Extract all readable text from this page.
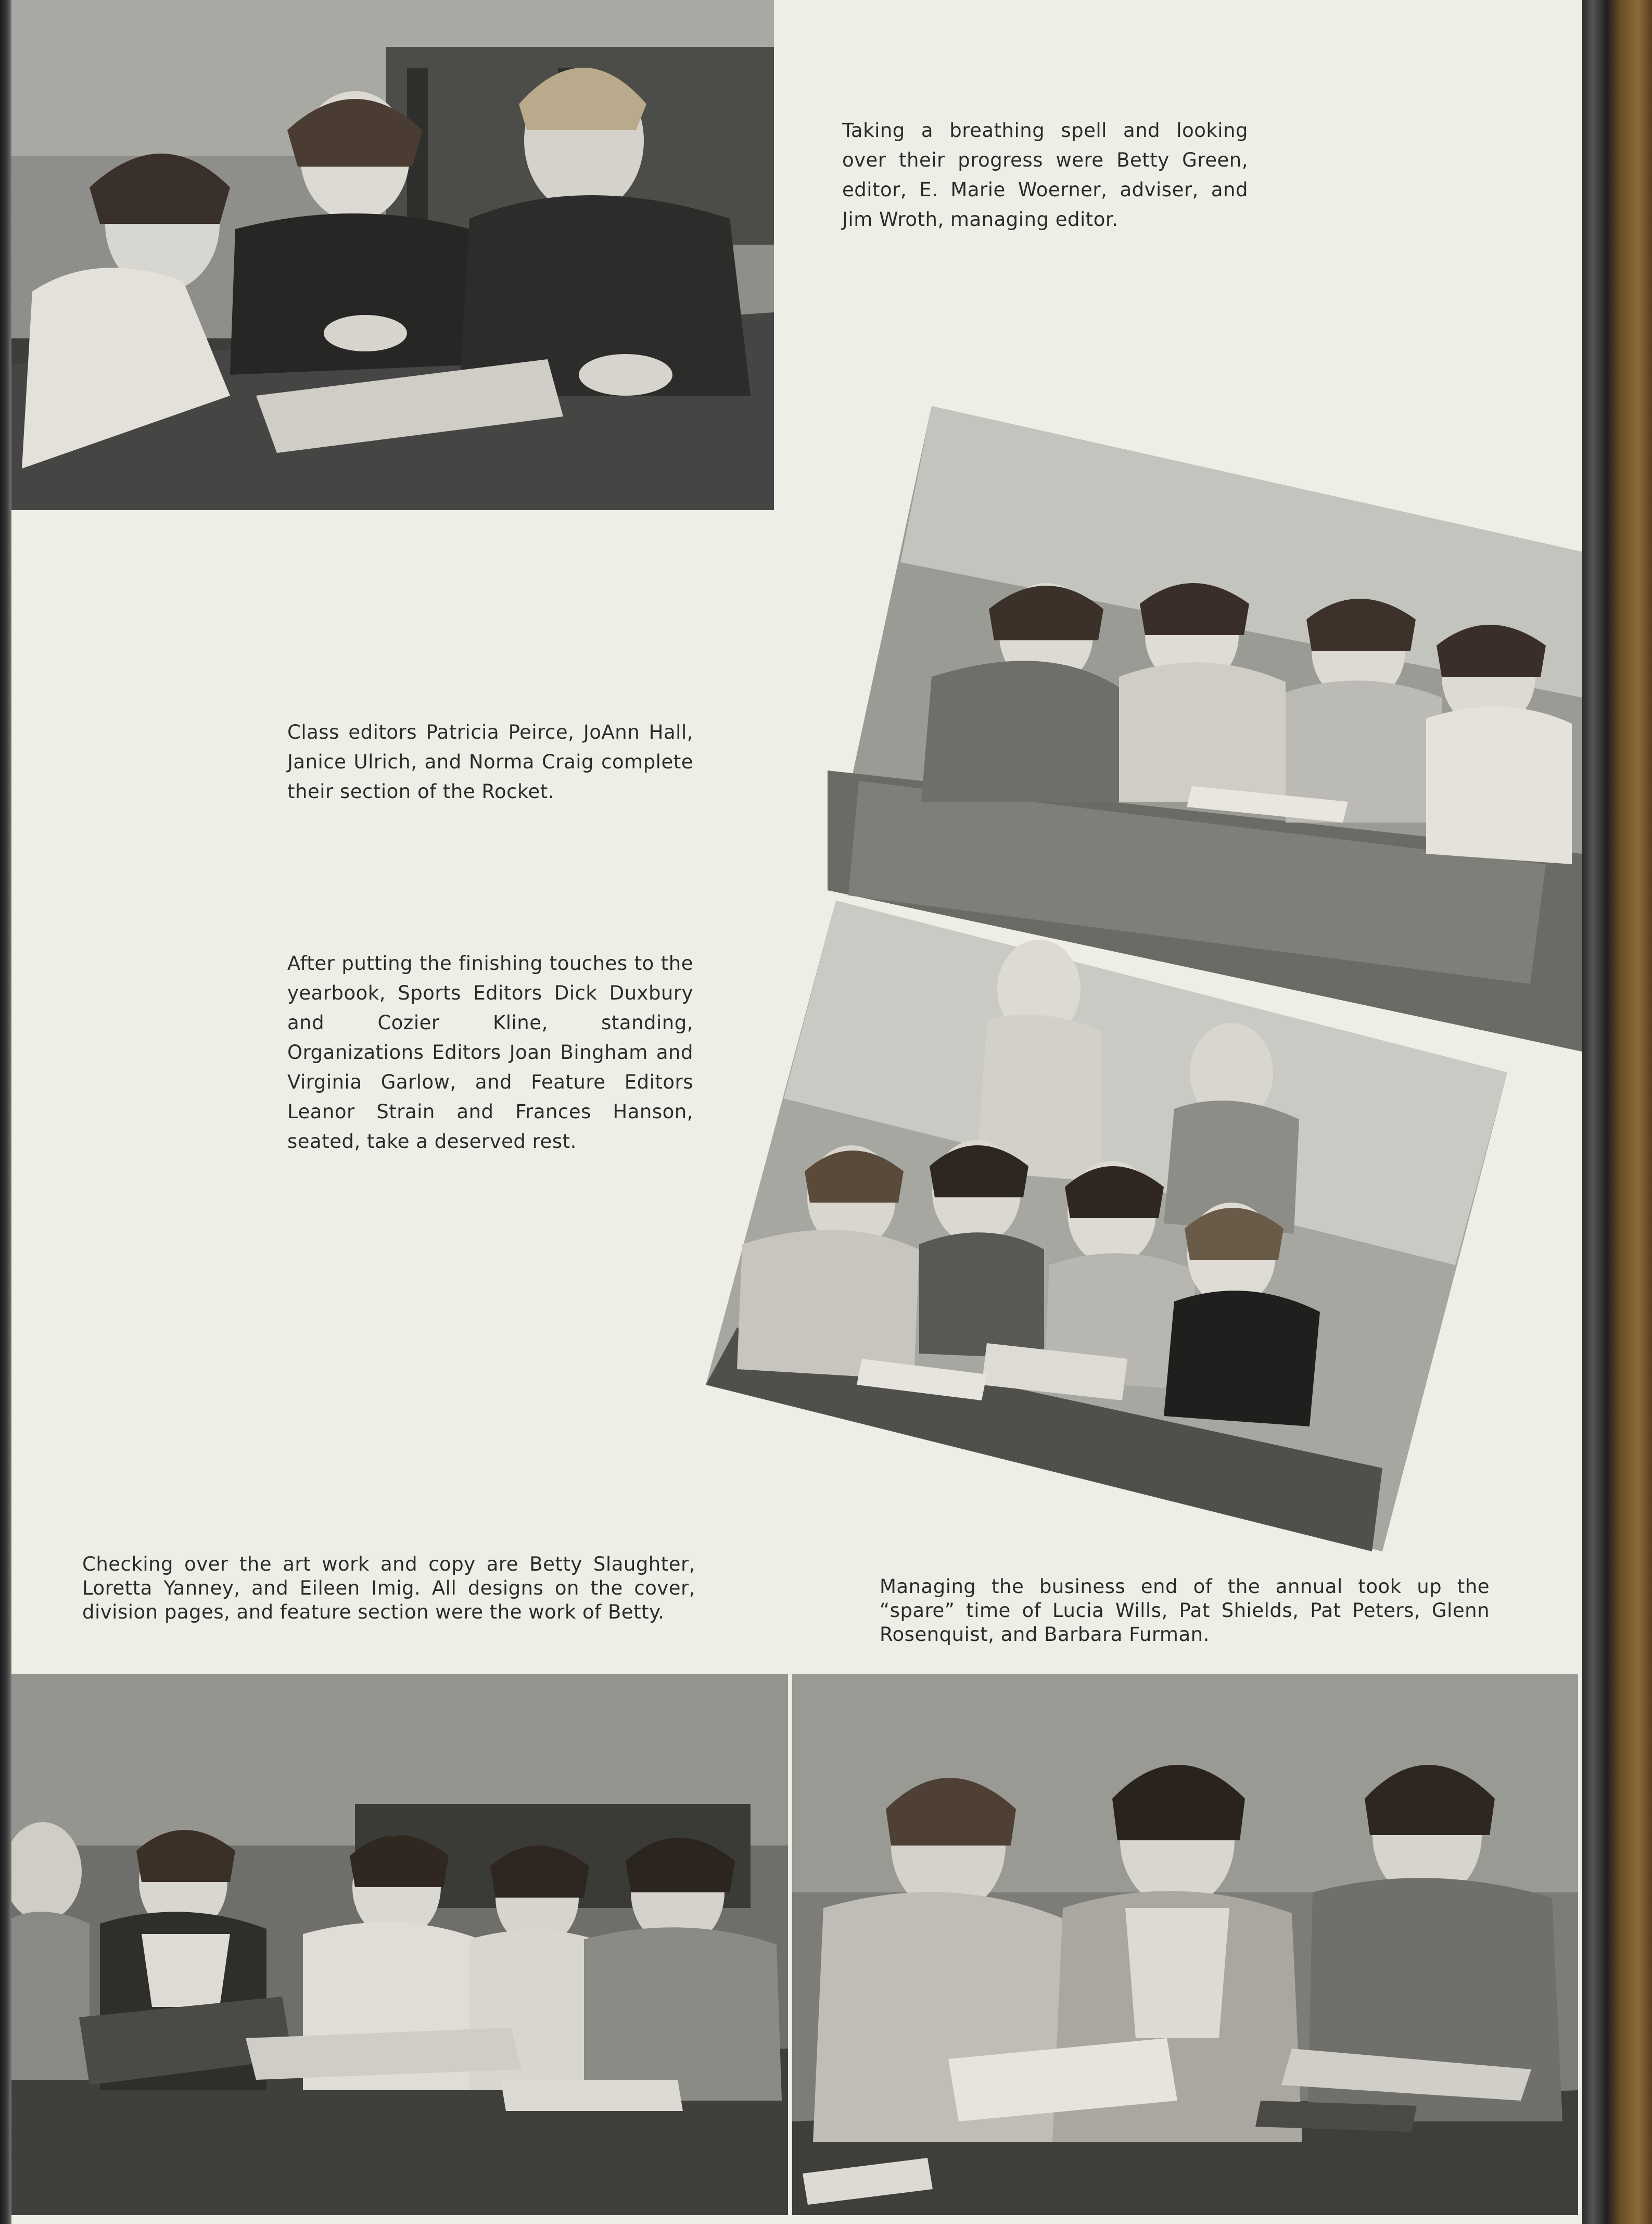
Taking a breathing spell and looking over their progress were Betty Green, editor, E. Marie Woerner, adviser, and Jim Wroth, managing editor.

Class editors Patricia Peirce, JoAnn Hall, Janice Ulrich, and Norma Craig complete their section of the Rocket.

After putting the finishing touches to the yearbook, Sports Editors Dick Duxbury and Cozier Kline, standing, Organizations Editors Joan Bingham and Virginia Garlow, and Feature Editors Leanor Strain and Frances Hanson, seated, take a deserved rest.

Checking over the art work and copy are Betty Slaughter, Loretta Yanney, and Eileen Imig. All designs on the cover, division pages, and feature section were the work of Betty.

Managing the business end of the annual took up the “spare” time of Lucia Wills, Pat Shields, Pat Peters, Glenn Rosenquist, and Barbara Furman.
